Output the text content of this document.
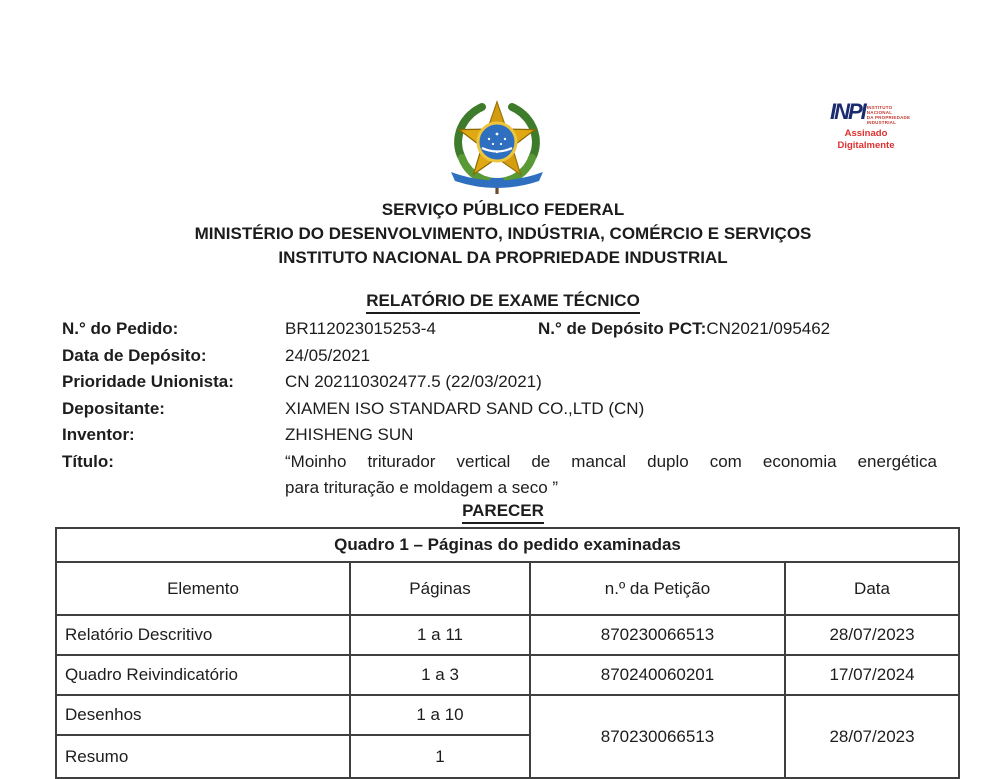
INPI INSTITUTO
NACIONAL
DA PROPRIEDADE
INDUSTRIAL
Assinado
Digitalmente
SERVIÇO PÚBLICO FEDERAL
MINISTÉRIO DO DESENVOLVIMENTO, INDÚSTRIA, COMÉRCIO E SERVIÇOS
INSTITUTO NACIONAL DA PROPRIEDADE INDUSTRIAL
RELATÓRIO DE EXAME TÉCNICO
N.° do Pedido:	BR112023015253-4	N.° de Depósito PCT: CN2021/095462
Data de Depósito:	24/05/2021
Prioridade Unionista:	CN 202110302477.5 (22/03/2021)
Depositante:	XIAMEN ISO STANDARD SAND CO.,LTD (CN)
Inventor:	ZHISHENG SUN
Título:	“Moinho triturador vertical de mancal duplo com economia energética
para trituração e moldagem a seco ”
PARECER
Quadro 1 – Páginas do pedido examinadas			
Elemento	Páginas	n.º da Petição	Data
Relatório Descritivo	1 a 11	870230066513	28/07/2023
Quadro Reivindicatório	1 a 3	870240060201	17/07/2024
Desenhos	1 a 10	870230066513	28/07/2023
Resumo	1		
